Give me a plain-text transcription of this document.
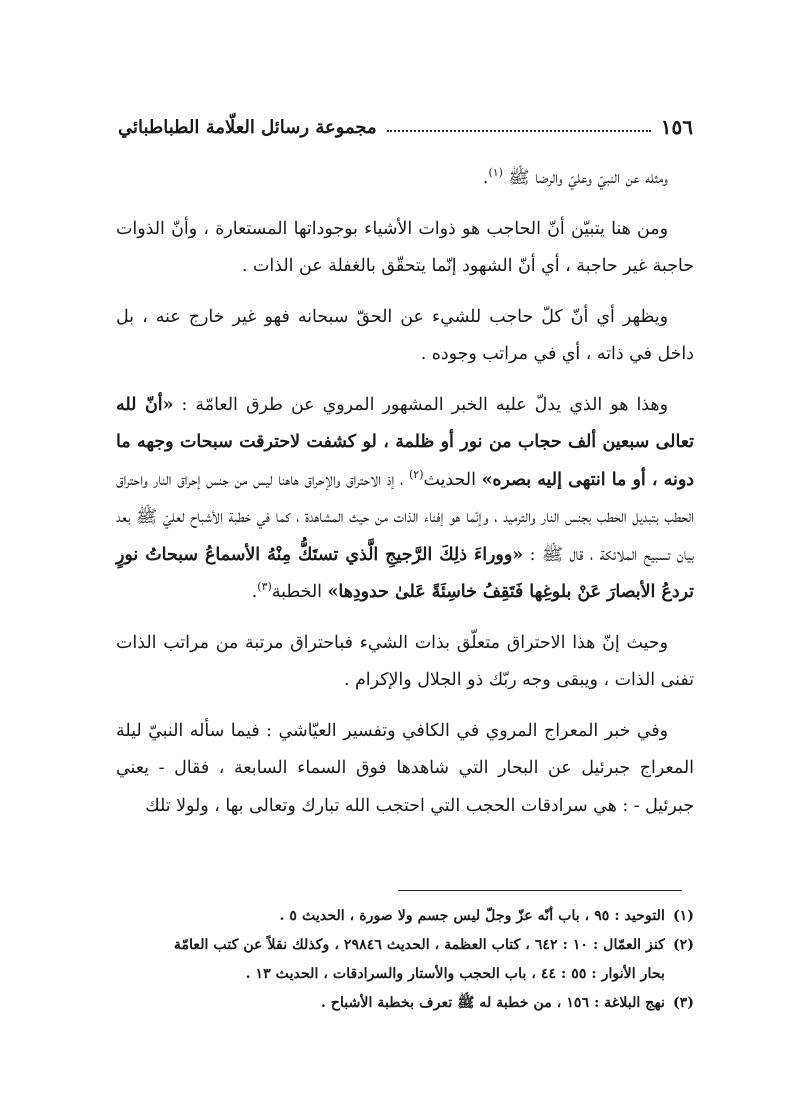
١٥٦
مجموعة رسائل العلّامة الطباطبائي

ومثله عن النبيّ وعليّ والرضا ﷺ $^{(١)}$.

ومن هنا يتبيّن أنّ الحاجب هو ذوات الأشياء بوجوداتها المستعارة ، وأنّ الذوات حاجبة غير حاجبة ، أي أنّ الشهود إنّما يتحقّق بالغفلة عن الذات .

ويظهر أي أنّ كلّ حاجب للشيء عن الحقّ سبحانه فهو غير خارج عنه ، بل داخل في ذاته ، أي في مراتب وجوده .

وهذا هو الذي يدلّ عليه الخبر المشهور المروي عن طرق العامّة : «أنّ لله تعالى سبعين ألف حجاب من نور أو ظلمة ، لو كشفت لاحترقت سبحات وجهه ما دونه ، أو ما انتهى إليه بصره» الحديث$^{(٢)}$ ، إذ الاحتراق والإحراق هاهنا ليس من جنس إحراق النار واحتراق الحطب بتبديل الحطب بجنس النار والترميد ، وإنّما هو إفناء الذات من حيث المشاهدة ، كما في خطبة الأشباح لعليّ ﷺ بعد بيان تسبيح الملائكة ، قال ﷺ : «ووراءَ ذلِكَ الرَّجيجِ الَّذي تستَكُّ مِنْهُ الأسماعُ سبحاتُ نورٍ تردعُ الأبصارَ عَنْ بلوغِها فَتَقِفُ خاسِئَةً عَلىٰ حدودِها» الخطبة$^{(٣)}$.

وحيث إنّ هذا الاحتراق متعلّق بذات الشيء فباحتراق مرتبة من مراتب الذات تفنى الذات ، ويبقى وجه ربّك ذو الجلال والإكرام .

وفي خبر المعراج المروي في الكافي وتفسير العيّاشي : فيما سأله النبيّ ليلة المعراج جبرئيل عن البحار التي شاهدها فوق السماء السابعة ، فقال - يعني جبرئيل - : هي سرادقات الحجب التي احتجب الله تبارك وتعالى بها ، ولولا تلك

(١)
التوحيد : ٩٥ ، باب أنّه عزّ وجلّ ليس جسم ولا صورة ، الحديث ٥ .
(٢)
كنز العمّال : ١٠ : ٦٤٢ ، كتاب العظمة ، الحديث ٢٩٨٤٦ ، وكذلك نقلاً عن كتب العامّة
بحار الأنوار : ٥٥ : ٤٤ ، باب الحجب والأستار والسرادقات ، الحديث ١٣ .
(٣)
نهج البلاغة : ١٥٦ ، من خطبة له ﷺ تعرف بخطبة الأشباح .
